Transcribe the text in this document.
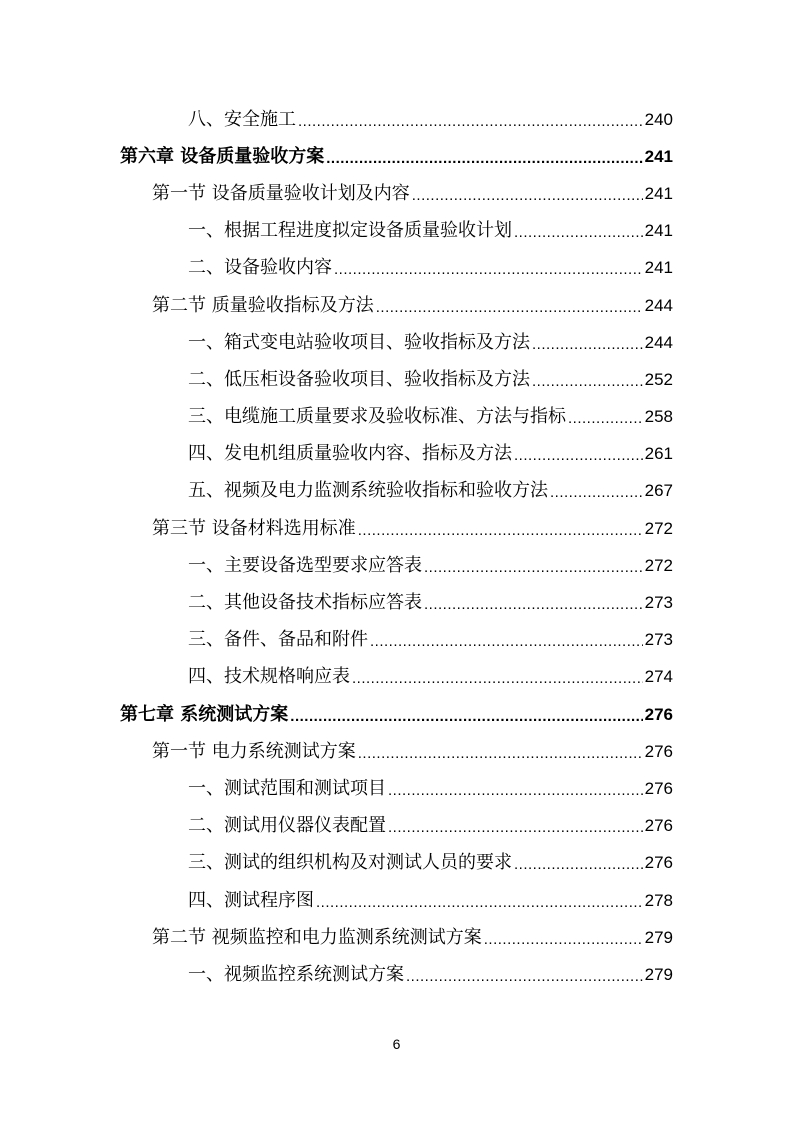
八、安全施工 .....	240
第六章 设备质量验收方案 .....	241
第一节 设备质量验收计划及内容 .....	241
一、根据工程进度拟定设备质量验收计划 .....	241
二、设备验收内容 .....	241
第二节 质量验收指标及方法 .....	244
一、箱式变电站验收项目、验收指标及方法 .....	244
二、低压柜设备验收项目、验收指标及方法 .....	252
三、电缆施工质量要求及验收标准、方法与指标 .....	258
四、发电机组质量验收内容、指标及方法 .....	261
五、视频及电力监测系统验收指标和验收方法 .....	267
第三节 设备材料选用标准 .....	272
一、主要设备选型要求应答表 .....	272
二、其他设备技术指标应答表 .....	273
三、备件、备品和附件 .....	273
四、技术规格响应表 .....	274
第七章 系统测试方案 .....	276
第一节 电力系统测试方案 .....	276
一、测试范围和测试项目 .....	276
二、测试用仪器仪表配置 .....	276
三、测试的组织机构及对测试人员的要求 .....	276
四、测试程序图 .....	278
第二节 视频监控和电力监测系统测试方案 .....	279
一、视频监控系统测试方案 .....	279
6
